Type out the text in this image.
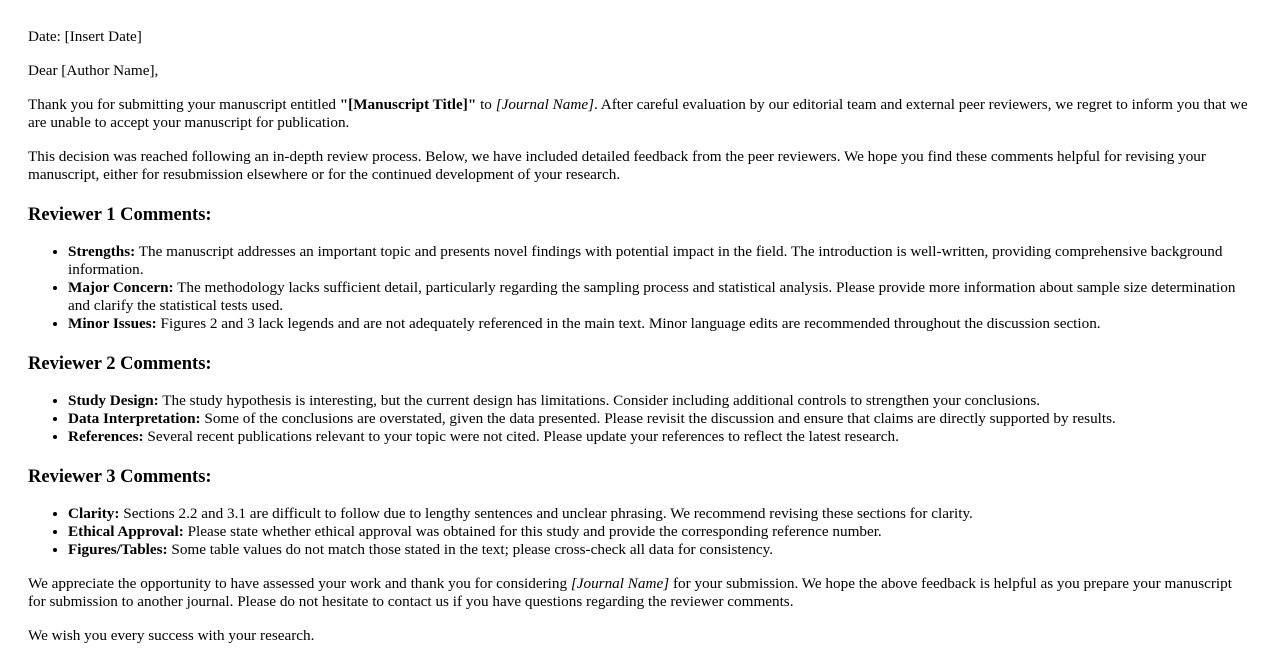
Date: [Insert Date]

Dear [Author Name],

Thank you for submitting your manuscript entitled "[Manuscript Title]" to [Journal Name]. After careful evaluation by our editorial team and external peer reviewers, we regret to inform you that we are unable to accept your manuscript for publication.

This decision was reached following an in-depth review process. Below, we have included detailed feedback from the peer reviewers. We hope you find these comments helpful for revising your manuscript, either for resubmission elsewhere or for the continued development of your research.

Reviewer 1 Comments:
• Strengths: The manuscript addresses an important topic and presents novel findings with potential impact in the field. The introduction is well-written, providing comprehensive background information.
• Major Concern: The methodology lacks sufficient detail, particularly regarding the sampling process and statistical analysis. Please provide more information about sample size determination and clarify the statistical tests used.
• Minor Issues: Figures 2 and 3 lack legends and are not adequately referenced in the main text. Minor language edits are recommended throughout the discussion section.
Reviewer 2 Comments:
• Study Design: The study hypothesis is interesting, but the current design has limitations. Consider including additional controls to strengthen your conclusions.
• Data Interpretation: Some of the conclusions are overstated, given the data presented. Please revisit the discussion and ensure that claims are directly supported by results.
• References: Several recent publications relevant to your topic were not cited. Please update your references to reflect the latest research.
Reviewer 3 Comments:
• Clarity: Sections 2.2 and 3.1 are difficult to follow due to lengthy sentences and unclear phrasing. We recommend revising these sections for clarity.
• Ethical Approval: Please state whether ethical approval was obtained for this study and provide the corresponding reference number.
• Figures/Tables: Some table values do not match those stated in the text; please cross-check all data for consistency.

We appreciate the opportunity to have assessed your work and thank you for considering [Journal Name] for your submission. We hope the above feedback is helpful as you prepare your manuscript for submission to another journal. Please do not hesitate to contact us if you have questions regarding the reviewer comments.

We wish you every success with your research.
